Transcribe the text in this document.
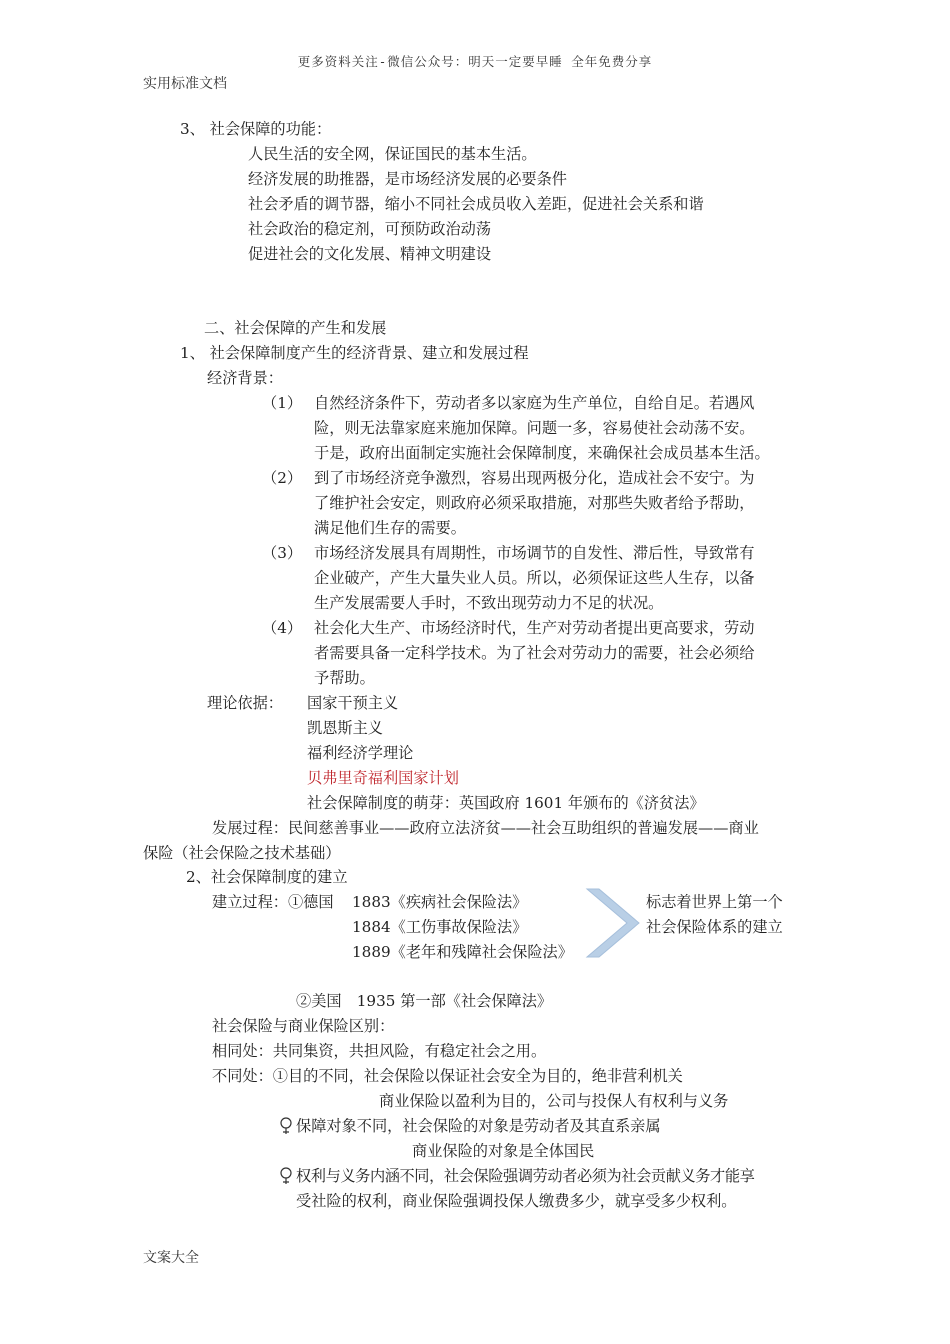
更多资料关注-微信公众号：明天一定要早睡 全年免费分享
实用标准文档
3、 社会保障的功能：
人民生活的安全网，保证国民的基本生活。
经济发展的助推器，是市场经济发展的必要条件
社会矛盾的调节器，缩小不同社会成员收入差距，促进社会关系和谐
社会政治的稳定剂，可预防政治动荡
促进社会的文化发展、精神文明建设
二、社会保障的产生和发展
1、 社会保障制度产生的经济背景、建立和发展过程
经济背景：
（1） 自然经济条件下，劳动者多以家庭为生产单位，自给自足。若遇风
险，则无法靠家庭来施加保障。问题一多，容易使社会动荡不安。
于是，政府出面制定实施社会保障制度，来确保社会成员基本生活。
（2） 到了市场经济竞争激烈，容易出现两极分化，造成社会不安宁。为
了维护社会安定，则政府必须采取措施，对那些失败者给予帮助，
满足他们生存的需要。
（3） 市场经济发展具有周期性，市场调节的自发性、滞后性，导致常有
企业破产，产生大量失业人员。所以，必须保证这些人生存，以备
生产发展需要人手时，不致出现劳动力不足的状况。
（4） 社会化大生产、市场经济时代，生产对劳动者提出更高要求，劳动
者需要具备一定科学技术。为了社会对劳动力的需要，社会必须给
予帮助。
理论依据： 国家干预主义
凯恩斯主义
福利经济学理论
贝弗里奇福利国家计划
社会保障制度的萌芽：英国政府 1601 年颁布的《济贫法》
发展过程：民间慈善事业——政府立法济贫——社会互助组织的普遍发展——商业
保险（社会保险之技术基础）
2、社会保障制度的建立
建立过程：①德国 1883《疾病社会保险法》
1884《工伤事故保险法》
1889《老年和残障社会保险法》
标志着世界上第一个
社会保险体系的建立
②美国　1935 第一部《社会保障法》
社会保险与商业保险区别：
相同处：共同集资，共担风险，有稳定社会之用。
不同处：①目的不同，社会保险以保证社会安全为目的，绝非营利机关
商业保险以盈利为目的，公司与投保人有权利与义务
保障对象不同，社会保险的对象是劳动者及其直系亲属
商业保险的对象是全体国民
权利与义务内涵不同，社会保险强调劳动者必须为社会贡献义务才能享
受社险的权利，商业保险强调投保人缴费多少，就享受多少权利。
文案大全
